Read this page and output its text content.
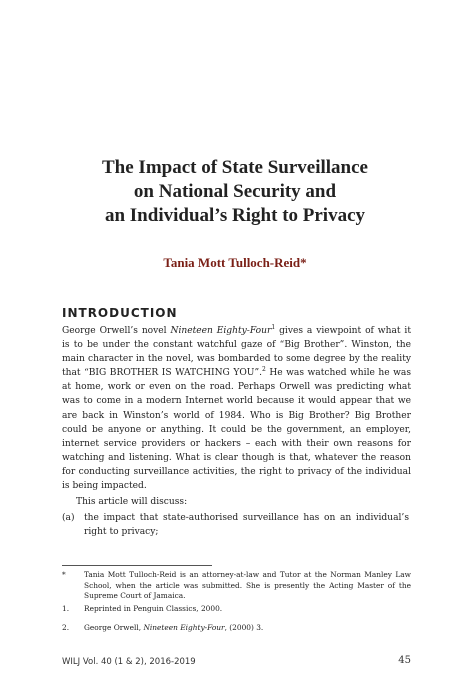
The Impact of State Surveillance
on National Security and
an Individual’s Right to Privacy
Tania Mott Tulloch-Reid*
INTRODUCTION

George Orwell’s novel Nineteen Eighty-Four$^1$ gives a viewpoint of what it is to be under the constant watchful gaze of “Big Brother”. Winston, the main character in the novel, was bombarded to some degree by the reality that “BIG BROTHER IS WATCHING YOU”.$^2$ He was watched while he was at home, work or even on the road. Perhaps Orwell was predicting what was to come in a modern Internet world because it would appear that we are back in Winston’s world of 1984. Who is Big Brother? Big Brother could be anyone or anything. It could be the government, an employer, internet service providers or hackers – each with their own reasons for watching and listening. What is clear though is that, whatever the reason for conducting surveillance activities, the right to privacy of the individual is being impacted.

This article will discuss:

(a)	the impact that state-authorised surveillance has on an individual’s right to privacy;

*	Tania Mott Tulloch-Reid is an attorney-at-law and Tutor at the Norman Manley Law School, when the article was submitted. She is presently the Acting Master of the Supreme Court of Jamaica.
1.	Reprinted in Penguin Classics, 2000.
2.	George Orwell, Nineteen Eighty-Four, (2000) 3.
WILJ Vol. 40 (1 & 2), 2016-2019	45
